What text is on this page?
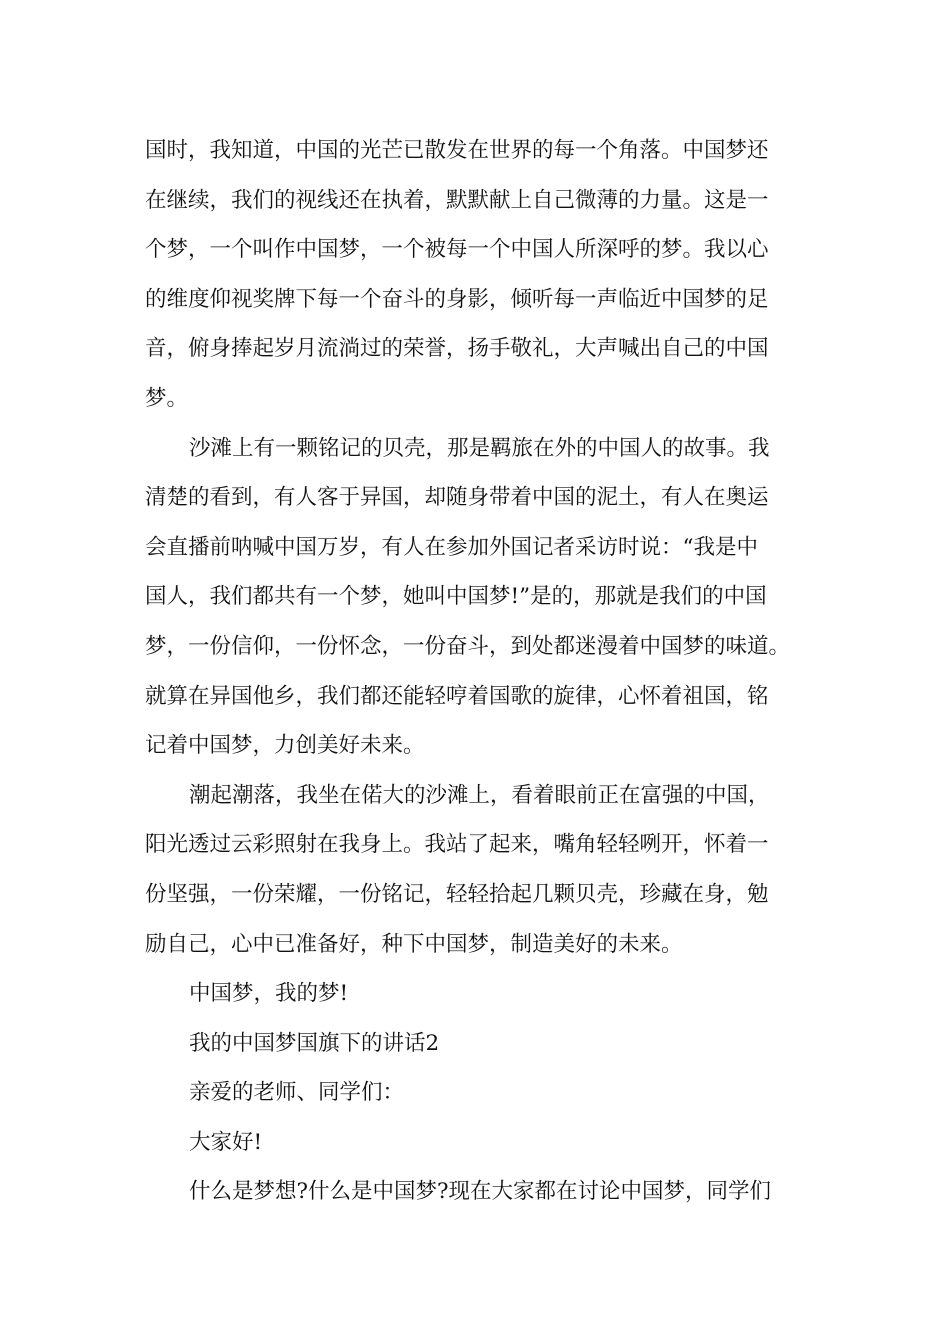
国时，我知道，中国的光芒已散发在世界的每一个角落。中国梦还
在继续，我们的视线还在执着，默默献上自己微薄的力量。这是一
个梦，一个叫作中国梦，一个被每一个中国人所深呼的梦。我以心
的维度仰视奖牌下每一个奋斗的身影，倾听每一声临近中国梦的足
音，俯身捧起岁月流淌过的荣誉，扬手敬礼，大声喊出自己的中国
梦。
沙滩上有一颗铭记的贝壳，那是羁旅在外的中国人的故事。我
清楚的看到，有人客于异国，却随身带着中国的泥土，有人在奥运
会直播前呐喊中国万岁，有人在参加外国记者采访时说：“我是中
国人，我们都共有一个梦，她叫中国梦!”是的，那就是我们的中国
梦，一份信仰，一份怀念，一份奋斗，到处都迷漫着中国梦的味道。
就算在异国他乡，我们都还能轻哼着国歌的旋律，心怀着祖国，铭
记着中国梦，力创美好未来。
潮起潮落，我坐在偌大的沙滩上，看着眼前正在富强的中国，
阳光透过云彩照射在我身上。我站了起来，嘴角轻轻咧开，怀着一
份坚强，一份荣耀，一份铭记，轻轻拾起几颗贝壳，珍藏在身，勉
励自己，心中已准备好，种下中国梦，制造美好的未来。
中国梦，我的梦!
我的中国梦国旗下的讲话2
亲爱的老师、同学们：
大家好!
什么是梦想?什么是中国梦?现在大家都在讨论中国梦，同学们
